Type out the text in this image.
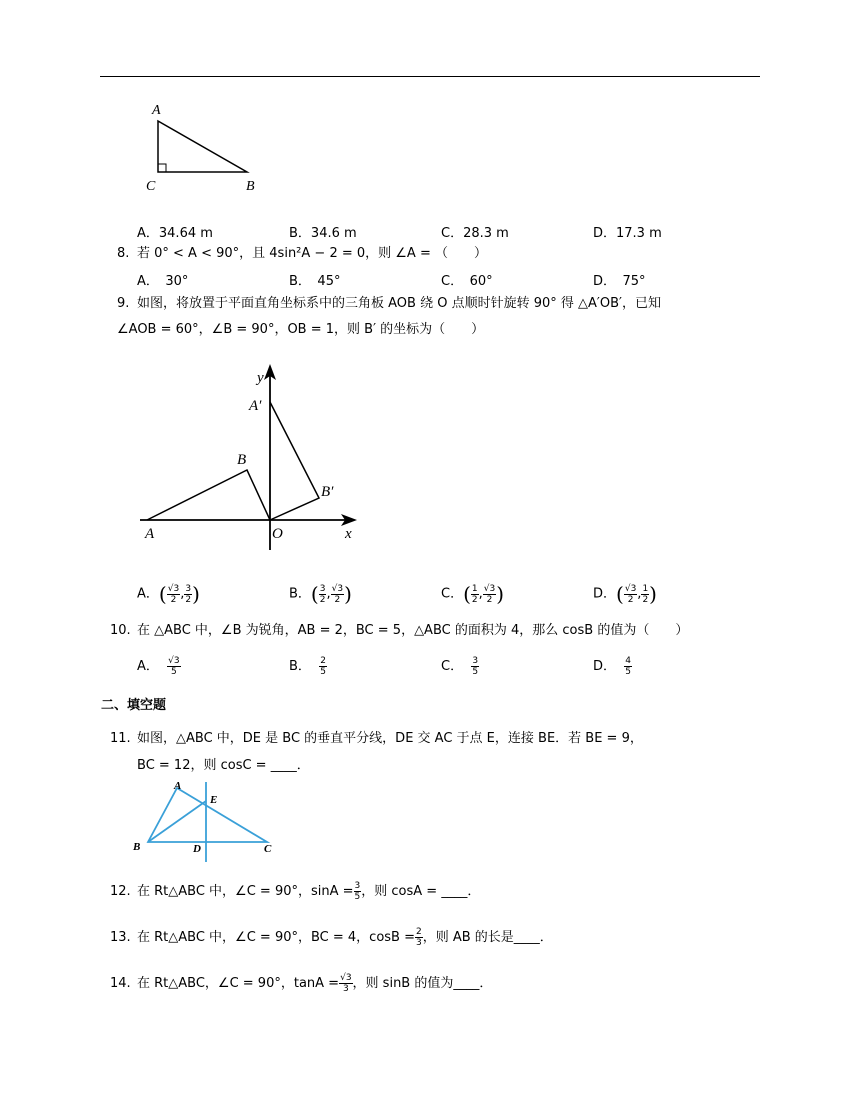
A
C	B
A．34.64 m	B．34.6 m	C．28.3 m	D．17.3 m
8. 若 0° < A < 90°，且 4sin²A − 2 = 0，则 ∠A = （　　）
A．　30°	B．　45°	C．　60°	D．　75°
9. 如图，将放置于平面直角坐标系中的三角板 AOB 绕 O 点顺时针旋转 90° 得 △A′OB′，已知
∠AOB = 60°，∠B = 90°，OB = 1，则 B′ 的坐标为（　　）
y
A′
B
B′
A	O	x
A．( $\frac{√3}{2}$ , $\frac{3}{2}$ )	B．( $\frac{3}{2}$ , $\frac{√3}{2}$ )	C．( $\frac{1}{2}$ , $\frac{√3}{2}$ )	D．( $\frac{√3}{2}$ , $\frac{1}{2}$ )
10. 在 △ABC 中，∠B 为锐角，AB = 2，BC = 5，△ABC 的面积为 4，那么 cosB 的值为（　　）
A． $\frac{√3}{5}$	B． $\frac{2}{5}$	C． $\frac{3}{5}$	D． $\frac{4}{5}$
二、填空题
11. 如图，△ABC 中，DE 是 BC 的垂直平分线，DE 交 AC 于点 E，连接 BE．若 BE = 9，
BC = 12，则 cosC = ____．
A
E
B	D	C
12. 在 Rt△ABC 中，∠C = 90°，$\sin A = \frac{3}{5}$ ，则 cosA = ____．
13. 在 Rt△ABC 中，∠C = 90°，BC = 4，$\cos B = \frac{2}{3}$ ，则 AB 的长是____．
14. 在 Rt△ABC，∠C = 90°，$\tan A = \frac{√3}{3}$ ，则 sinB 的值为____．
